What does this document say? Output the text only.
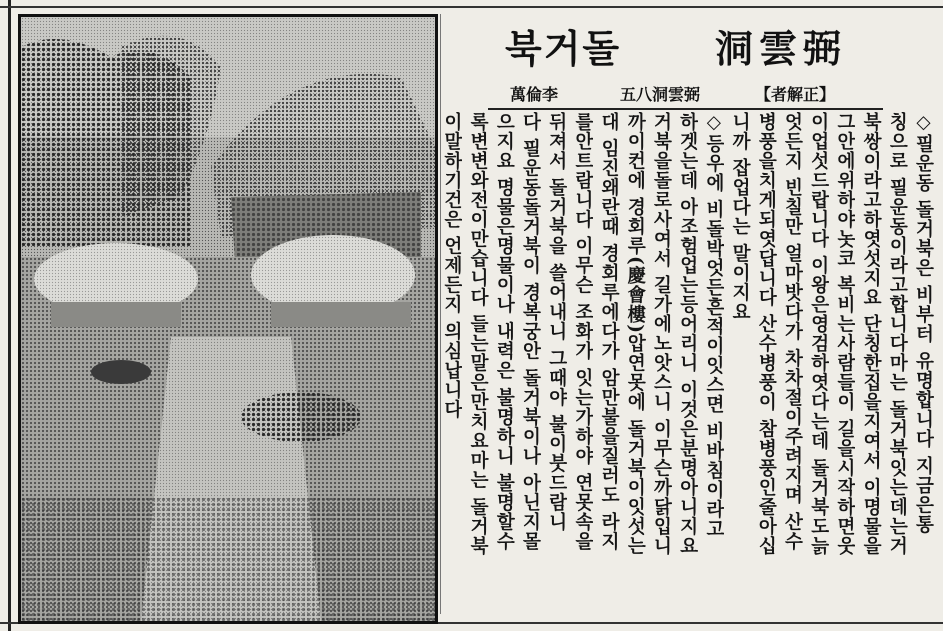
북거돌 洞雲弼
萬倫李	五八洞雲弼	【者解正】
◇필운동 돌거북은 비부터 유명합니다 지금은통
칭으로 필운동이라고합니다마는 돌거북잇는데는거
북쌍이라고하엿섯지요 단칭한집을지여서 이명물을
그안에위하야놋코 복비는사람들이 길을시작하면웃
이업섯드랍니다 이왕은영검하엿다는데 돌거북도늙
엇든지 빈칠만 얼마밧다가 차차절이주려지며 산수
병풍을치게되엿답니다 산수병풍이 참병풍인줄아십
니까 잡업다는 말이지요
◇등우에 비돌박엇든흔적이잇스면 비바침이라고
하겟는데 아조험업는등어리니 이것은분명아니지요
거북을돌로사여서 길가에노앗스니 이무슨까닭입니
까이컨에 경회루(慶會樓)압연못에 돌거북이잇섯는
대 임진왜란때 경회루에다가 암만불을질러도 라지
를안트람니다 이무슨 조화가 잇는가하야 연못속을
뒤져서 돌거북을 쓸어내니 그때야 불이붓드람니
다 필운동돌거북이 경복궁안 돌거북이나 아닌지몰
으지요 명물은명물이나 내력은 불명하니 불명할수
록변변와전이만습니다 들는말은만치요마는 돌거북
이말하기건은 언제든지 의심납니다
